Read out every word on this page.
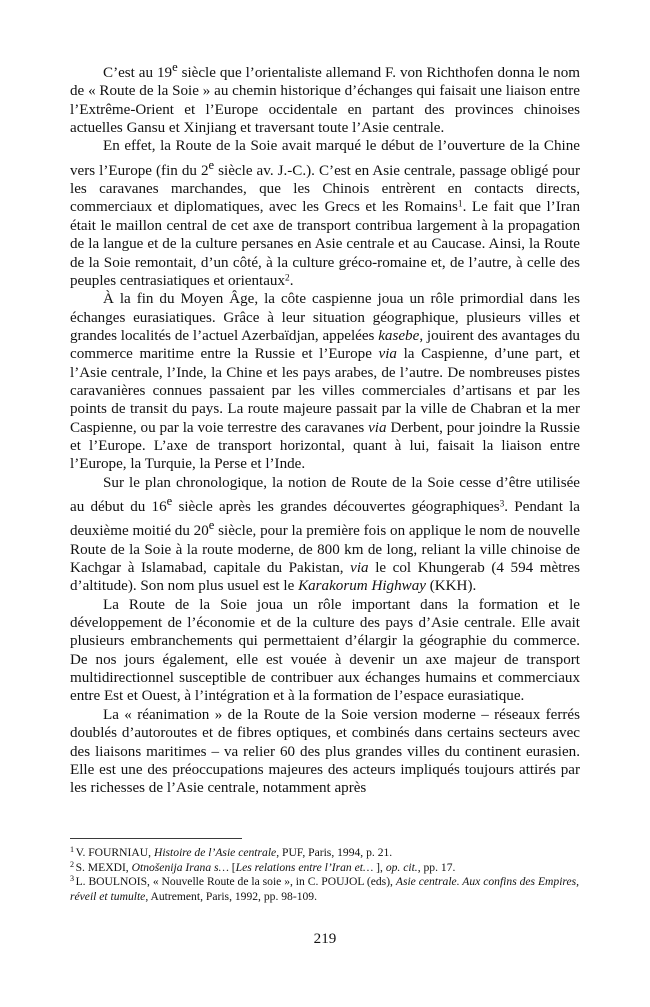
C’est au 19e siècle que l’orientaliste allemand F. von Richthofen donna le nom de « Route de la Soie » au chemin historique d’échanges qui faisait une liaison entre l’Extrême-Orient et l’Europe occidentale en partant des provinces chinoises actuelles Gansu et Xinjiang et traversant toute l’Asie centrale.

En effet, la Route de la Soie avait marqué le début de l’ouverture de la Chine vers l’Europe (fin du 2e siècle av. J.-C.). C’est en Asie centrale, passage obligé pour les caravanes marchandes, que les Chinois entrèrent en contacts directs, commerciaux et diplomatiques, avec les Grecs et les Romains$^1$. Le fait que l’Iran était le maillon central de cet axe de transport contribua largement à la propagation de la langue et de la culture persanes en Asie centrale et au Caucase. Ainsi, la Route de la Soie remontait, d’un côté, à la culture gréco-romaine et, de l’autre, à celle des peuples centrasiatiques et orientaux$^2$.

À la fin du Moyen Âge, la côte caspienne joua un rôle primordial dans les échanges eurasiatiques. Grâce à leur situation géographique, plusieurs villes et grandes localités de l’actuel Azerbaïdjan, appelées kasebe, jouirent des avantages du commerce maritime entre la Russie et l’Europe via la Caspienne, d’une part, et l’Asie centrale, l’Inde, la Chine et les pays arabes, de l’autre. De nombreuses pistes caravanières connues passaient par les villes commerciales d’artisans et par les points de transit du pays. La route majeure passait par la ville de Chabran et la mer Caspienne, ou par la voie terrestre des caravanes via Derbent, pour joindre la Russie et l’Europe. L’axe de transport horizontal, quant à lui, faisait la liaison entre l’Europe, la Turquie, la Perse et l’Inde.

Sur le plan chronologique, la notion de Route de la Soie cesse d’être utilisée au début du 16e siècle après les grandes découvertes géographiques$^3$. Pendant la deuxième moitié du 20e siècle, pour la première fois on applique le nom de nouvelle Route de la Soie à la route moderne, de 800 km de long, reliant la ville chinoise de Kachgar à Islamabad, capitale du Pakistan, via le col Khungerab (4 594 mètres d’altitude). Son nom plus usuel est le Karakorum Highway (KKH).

La Route de la Soie joua un rôle important dans la formation et le développement de l’économie et de la culture des pays d’Asie centrale. Elle avait plusieurs embranchements qui permettaient d’élargir la géographie du commerce. De nos jours également, elle est vouée à devenir un axe majeur de transport multidirectionnel susceptible de contribuer aux échanges humains et commerciaux entre Est et Ouest, à l’intégration et à la formation de l’espace eurasiatique.

La « réanimation » de la Route de la Soie version moderne – réseaux ferrés doublés d’autoroutes et de fibres optiques, et combinés dans certains secteurs avec des liaisons maritimes – va relier 60 des plus grandes villes du continent eurasien. Elle est une des préoccupations majeures des acteurs impliqués toujours attirés par les richesses de l’Asie centrale, notamment après

$^1$ V. FOURNIAU, Histoire de l’Asie centrale, PUF, Paris, 1994, p. 21.

$^2$ S. MEXDI, Otnošenija Irana s… [Les relations entre l’Iran et… ], op. cit., pp. 17.

$^3$ L. BOULNOIS, « Nouvelle Route de la soie », in C. POUJOL (eds), Asie centrale. Aux confins des Empires, réveil et tumulte, Autrement, Paris, 1992, pp. 98-109.

219
